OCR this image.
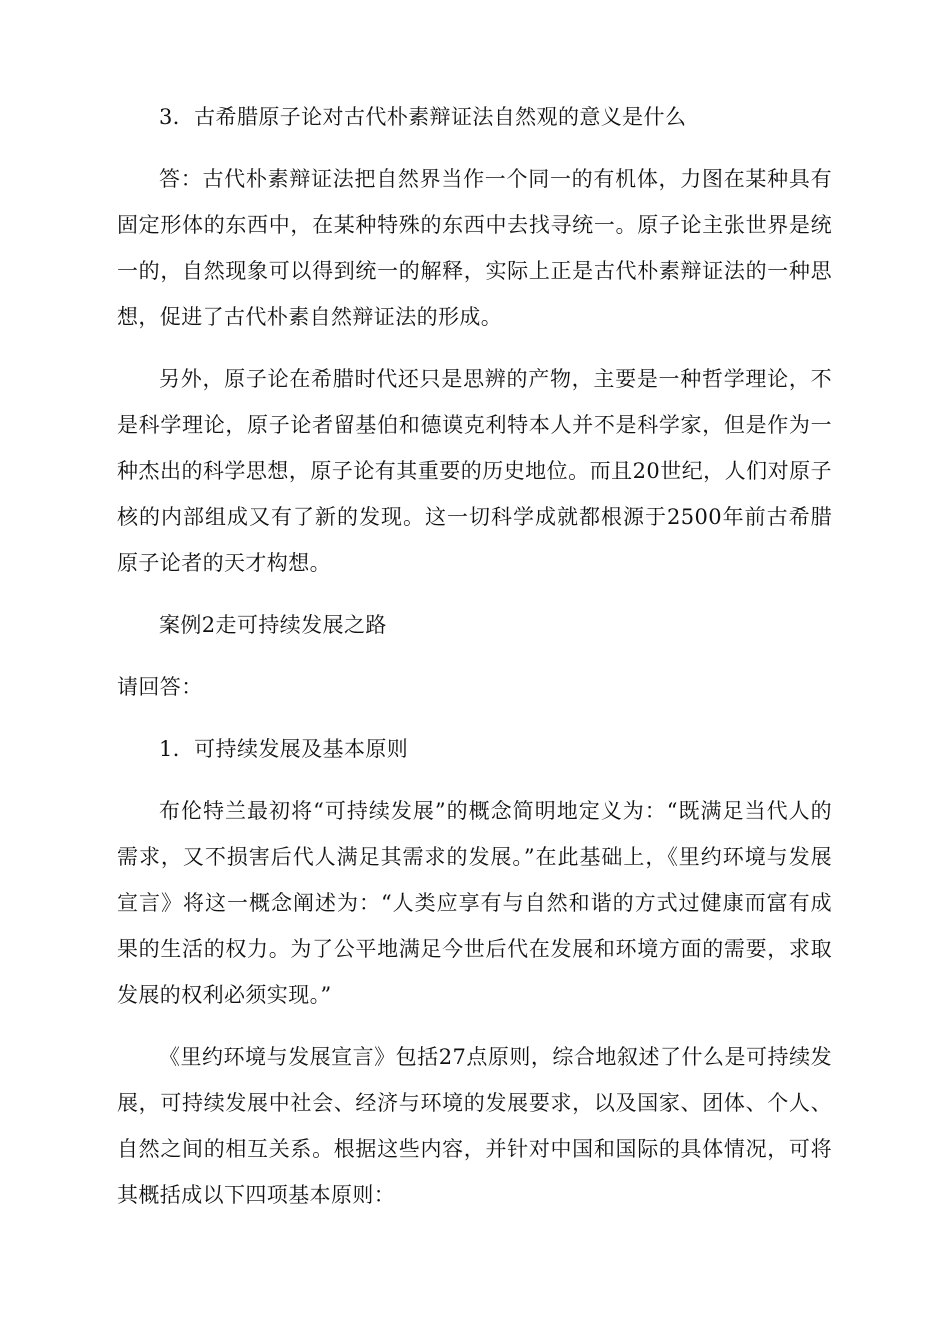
3．古希腊原子论对古代朴素辩证法自然观的意义是什么

答：古代朴素辩证法把自然界当作一个同一的有机体，力图在某种具有固定形体的东西中，在某种特殊的东西中去找寻统一。原子论主张世界是统一的，自然现象可以得到统一的解释，实际上正是古代朴素辩证法的一种思想，促进了古代朴素自然辩证法的形成。

另外，原子论在希腊时代还只是思辨的产物，主要是一种哲学理论，不是科学理论，原子论者留基伯和德谟克利特本人并不是科学家，但是作为一种杰出的科学思想，原子论有其重要的历史地位。而且20世纪，人们对原子核的内部组成又有了新的发现。这一切科学成就都根源于2500年前古希腊原子论者的天才构想。

案例2走可持续发展之路

请回答：

1．可持续发展及基本原则

布伦特兰最初将“可持续发展”的概念简明地定义为：“既满足当代人的需求，又不损害后代人满足其需求的发展。”在此基础上，《里约环境与发展宣言》将这一概念阐述为：“人类应享有与自然和谐的方式过健康而富有成果的生活的权力。为了公平地满足今世后代在发展和环境方面的需要，求取发展的权利必须实现。”

《里约环境与发展宣言》包括27点原则，综合地叙述了什么是可持续发展，可持续发展中社会、经济与环境的发展要求，以及国家、团体、个人、自然之间的相互关系。根据这些内容，并针对中国和国际的具体情况，可将其概括成以下四项基本原则：
